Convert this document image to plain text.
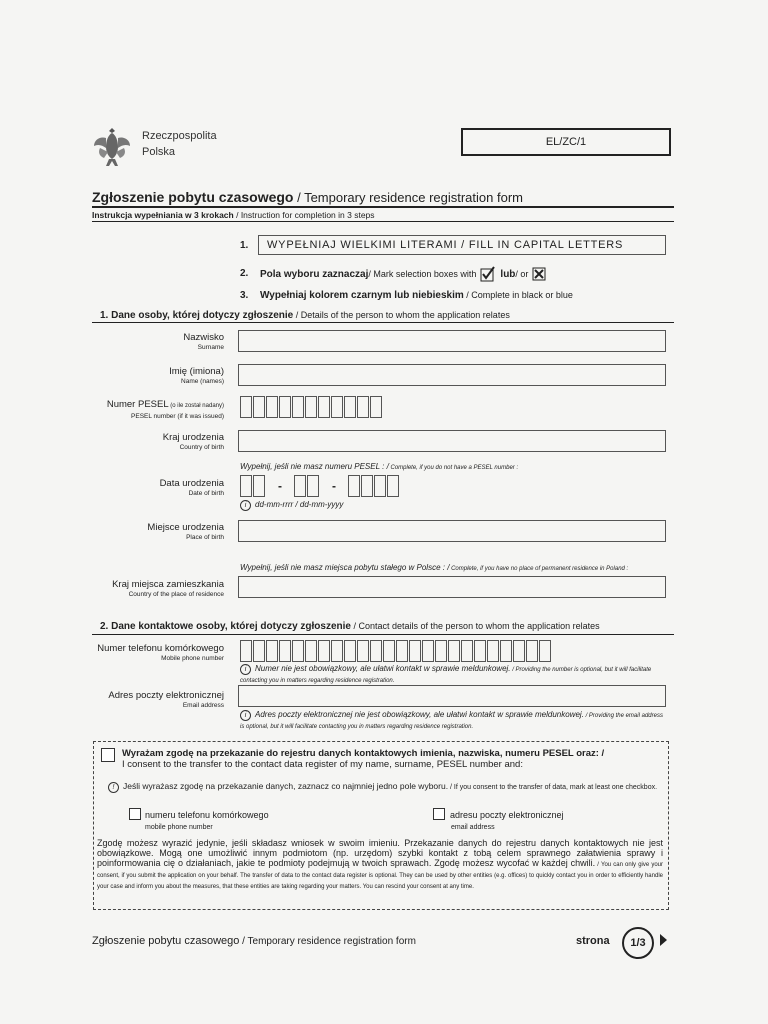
Rzeczpospolita
Polska
EL/ZC/1
Zgłoszenie pobytu czasowego / Temporary residence registration form
Instrukcja wypełniania w 3 krokach / Instruction for completion in 3 steps
1.	WYPEŁNIAJ WIELKIMI LITERAMI / FILL IN CAPITAL LETTERS
2. Pola wyboru zaznaczaj / Mark selection boxes with lub / or
3. Wypełniaj kolorem czarnym lub niebieskim / Complete in black or blue
1. Dane osoby, której dotyczy zgłoszenie / Details of the person to whom the application relates
Nazwisko
Surname
Imię (imiona)
Name (names)
Numer PESEL (o ile został nadany)
PESEL number (if it was issued)
Kraj urodzenia
Country of birth
Wypełnij, jeśli nie masz numeru PESEL : / Complete, if you do not have a PESEL number :
Data urodzenia
Date of birth
-	-
i dd-mm-rrrr / dd-mm-yyyy
Miejsce urodzenia
Place of birth
Wypełnij, jeśli nie masz miejsca pobytu stałego w Polsce : / Complete, if you have no place of permanent residence in Poland :
Kraj miejsca zamieszkania
Country of the place of residence
2. Dane kontaktowe osoby, której dotyczy zgłoszenie / Contact details of the person to whom the application relates
Numer telefonu komórkowego
Mobile phone number
i Numer nie jest obowiązkowy, ale ułatwi kontakt w sprawie meldunkowej. / Providing the number is optional, but it will facilitate contacting you in matters regarding residence registration.
Adres poczty elektronicznej
Email address
i Adres poczty elektronicznej nie jest obowiązkowy, ale ułatwi kontakt w sprawie meldunkowej. / Providing the email address is optional, but it will facilitate contacting you in matters regarding residence registration.
Wyrażam zgodę na przekazanie do rejestru danych kontaktowych imienia, nazwiska, numeru PESEL oraz: /
I consent to the transfer to the contact data register of my name, surname, PESEL number and:
! Jeśli wyrażasz zgodę na przekazanie danych, zaznacz co najmniej jedno pole wyboru. / If you consent to the transfer of data, mark at least one checkbox.
numeru telefonu komórkowego
mobile phone number
adresu poczty elektronicznej
email address
Zgodę możesz wyrazić jedynie, jeśli składasz wniosek w swoim imieniu. Przekazanie danych do rejestru danych kontaktowych nie jest obowiązkowe. Mogą one umożliwić innym podmiotom (np. urzędom) szybki kontakt z tobą celem sprawnego załatwienia sprawy i poinformowania cię o działaniach, jakie te podmioty podejmują w twoich sprawach. Zgodę możesz wycofać w każdej chwili. / You can only give your consent, if you submit the application on your behalf. The transfer of data to the contact data register is optional. They can be used by other entities (e.g. offices) to quickly contact you in order to efficiently handle your case and inform you about the measures, that these entities are taking regarding your matters. You can rescind your consent at any time.
Zgłoszenie pobytu czasowego / Temporary residence registration form	strona	1/3
